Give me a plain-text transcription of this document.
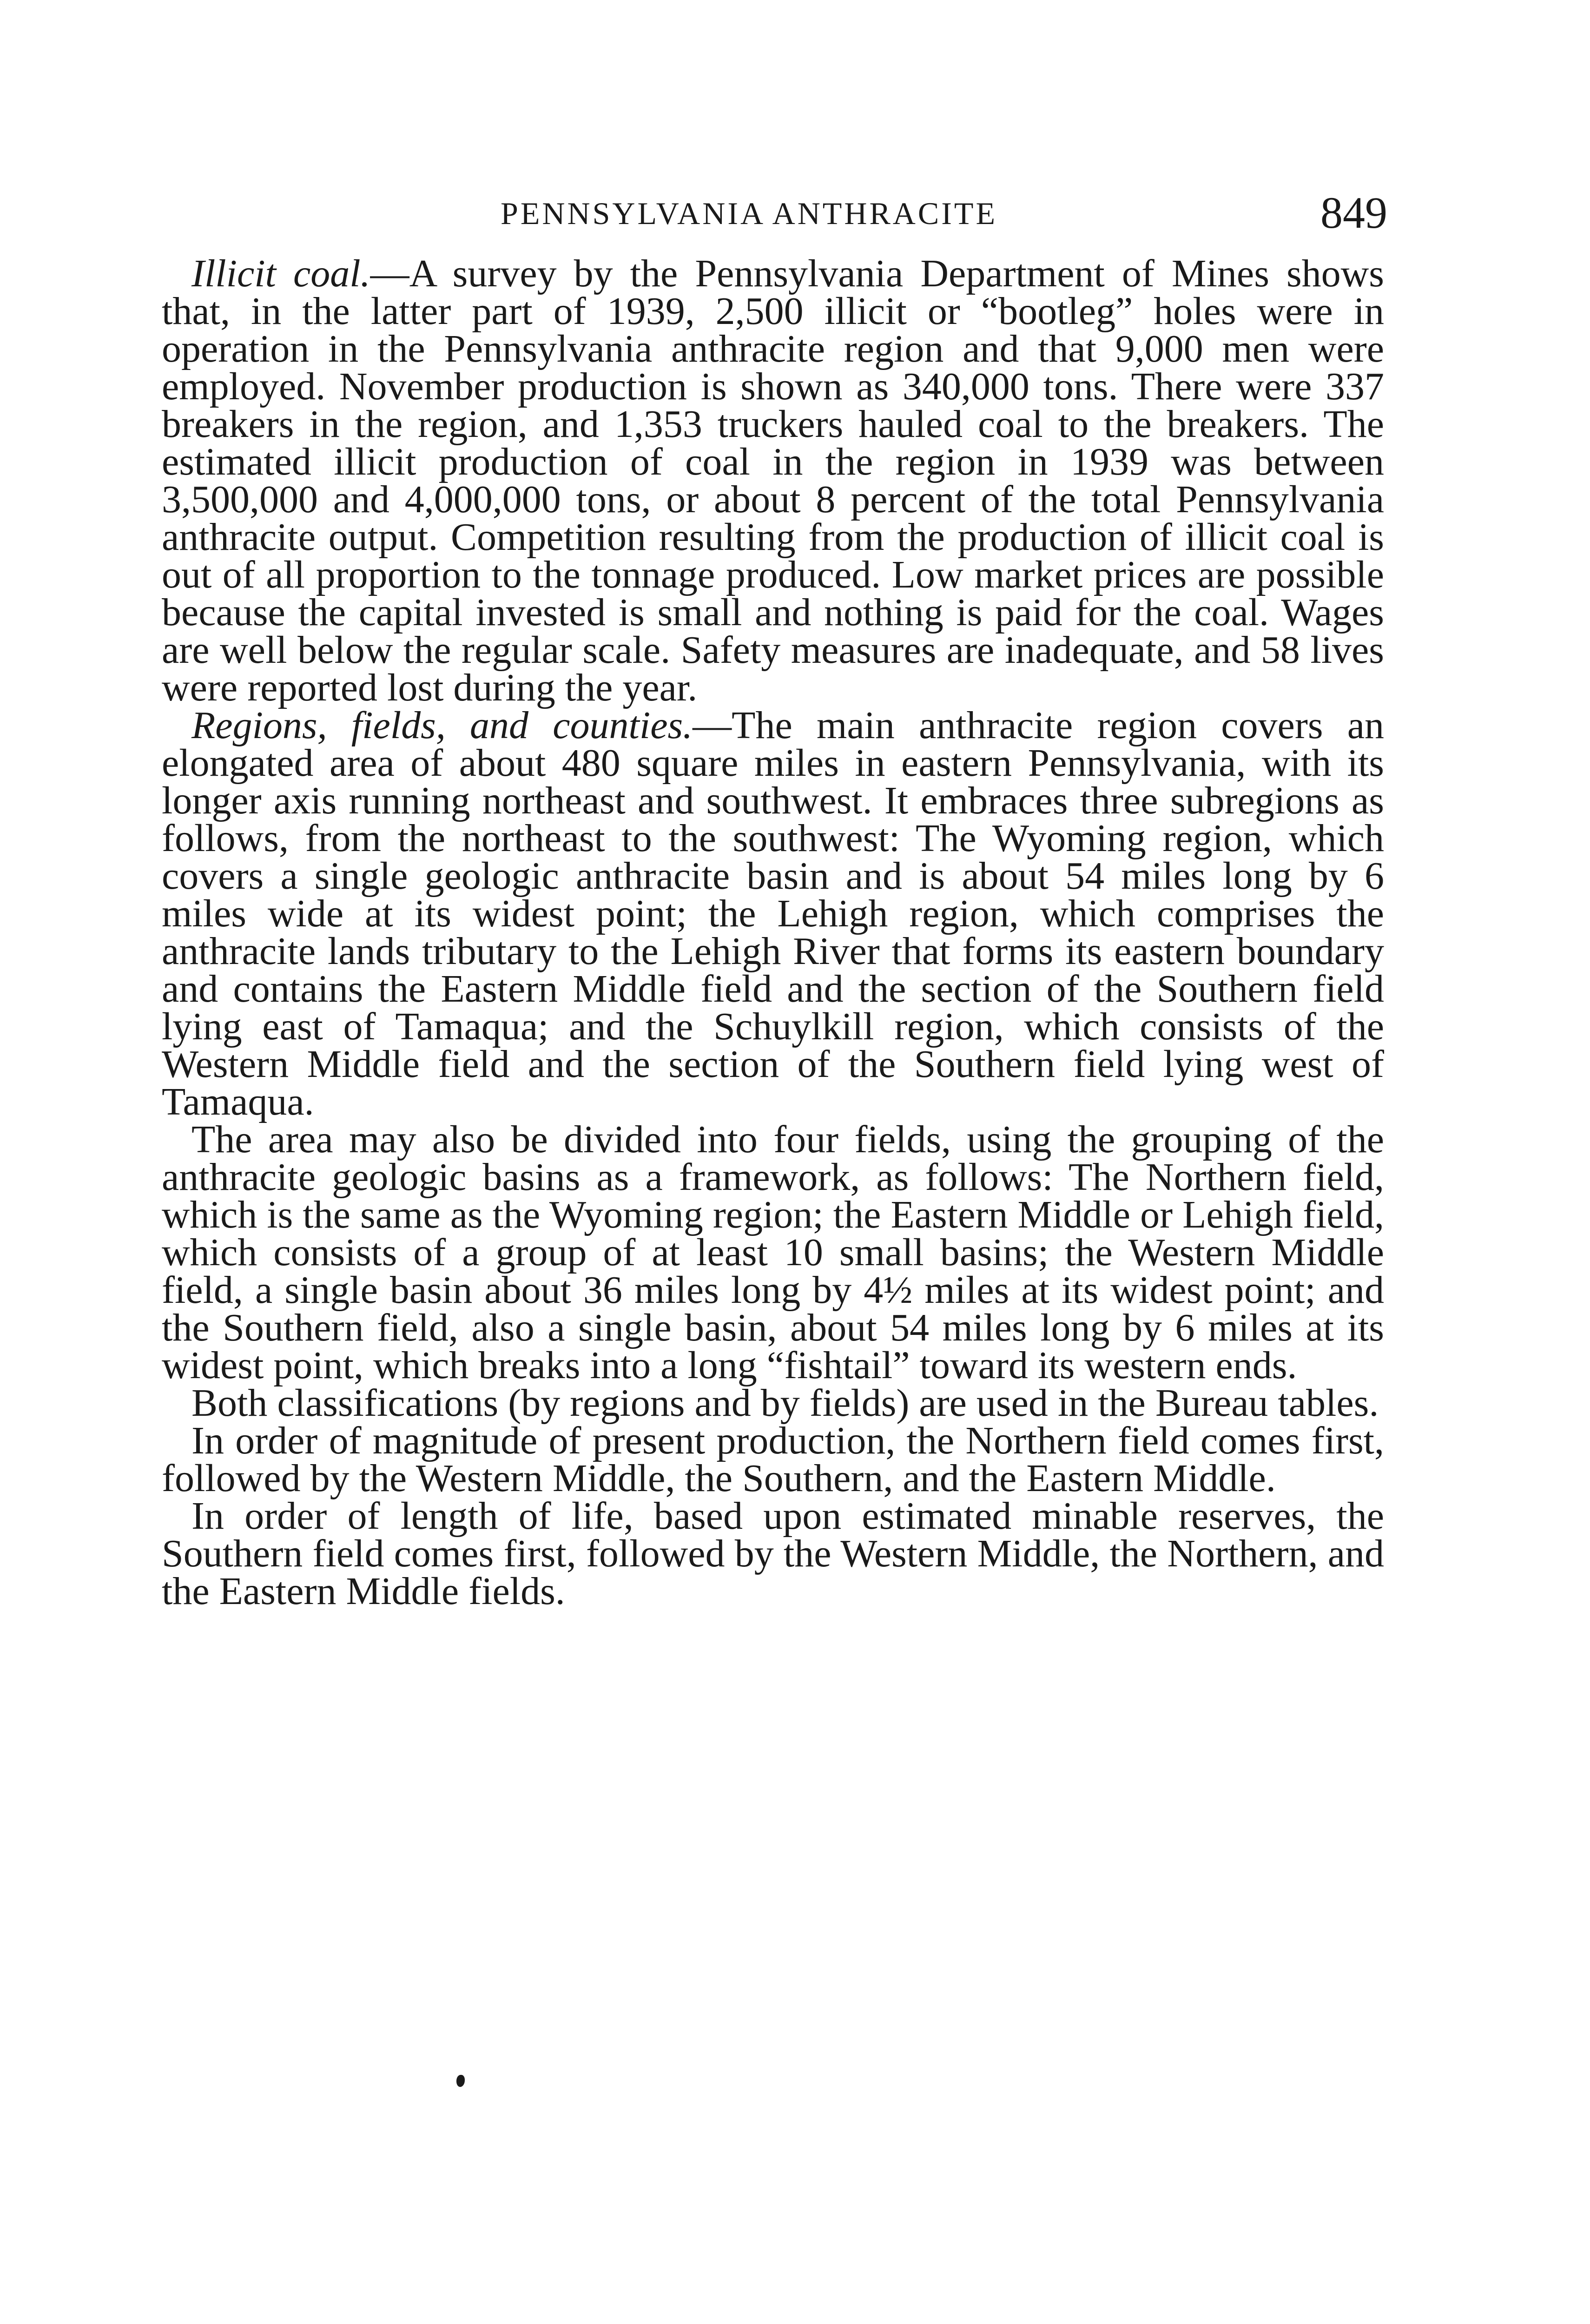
PENNSYLVANIA ANTHRACITE	849

Illicit coal.—A survey by the Pennsylvania Department of Mines shows that, in the latter part of 1939, 2,500 illicit or “bootleg” holes were in operation in the Pennsylvania anthracite region and that 9,000 men were employed. November production is shown as 340,000 tons. There were 337 breakers in the region, and 1,353 truckers hauled coal to the breakers. The estimated illicit production of coal in the region in 1939 was between 3,500,000 and 4,000,000 tons, or about 8 percent of the total Pennsylvania anthracite output. Competition resulting from the production of illicit coal is out of all proportion to the tonnage produced. Low market prices are possible because the capital invested is small and nothing is paid for the coal. Wages are well below the regular scale. Safety measures are inadequate, and 58 lives were reported lost during the year.

Regions, fields, and counties.—The main anthracite region covers an elongated area of about 480 square miles in eastern Pennsylvania, with its longer axis running northeast and southwest. It embraces three subregions as follows, from the northeast to the southwest: The Wyoming region, which covers a single geologic anthracite basin and is about 54 miles long by 6 miles wide at its widest point; the Lehigh region, which comprises the anthracite lands tributary to the Lehigh River that forms its eastern boundary and contains the Eastern Middle field and the section of the Southern field lying east of Tamaqua; and the Schuylkill region, which consists of the Western Middle field and the section of the Southern field lying west of Tamaqua.

The area may also be divided into four fields, using the grouping of the anthracite geologic basins as a framework, as follows: The Northern field, which is the same as the Wyoming region; the Eastern Middle or Lehigh field, which consists of a group of at least 10 small basins; the Western Middle field, a single basin about 36 miles long by 4½ miles at its widest point; and the Southern field, also a single basin, about 54 miles long by 6 miles at its widest point, which breaks into a long “fishtail” toward its western ends.

Both classifications (by regions and by fields) are used in the Bureau tables.

In order of magnitude of present production, the Northern field comes first, followed by the Western Middle, the Southern, and the Eastern Middle.

In order of length of life, based upon estimated minable reserves, the Southern field comes first, followed by the Western Middle, the Northern, and the Eastern Middle fields.
